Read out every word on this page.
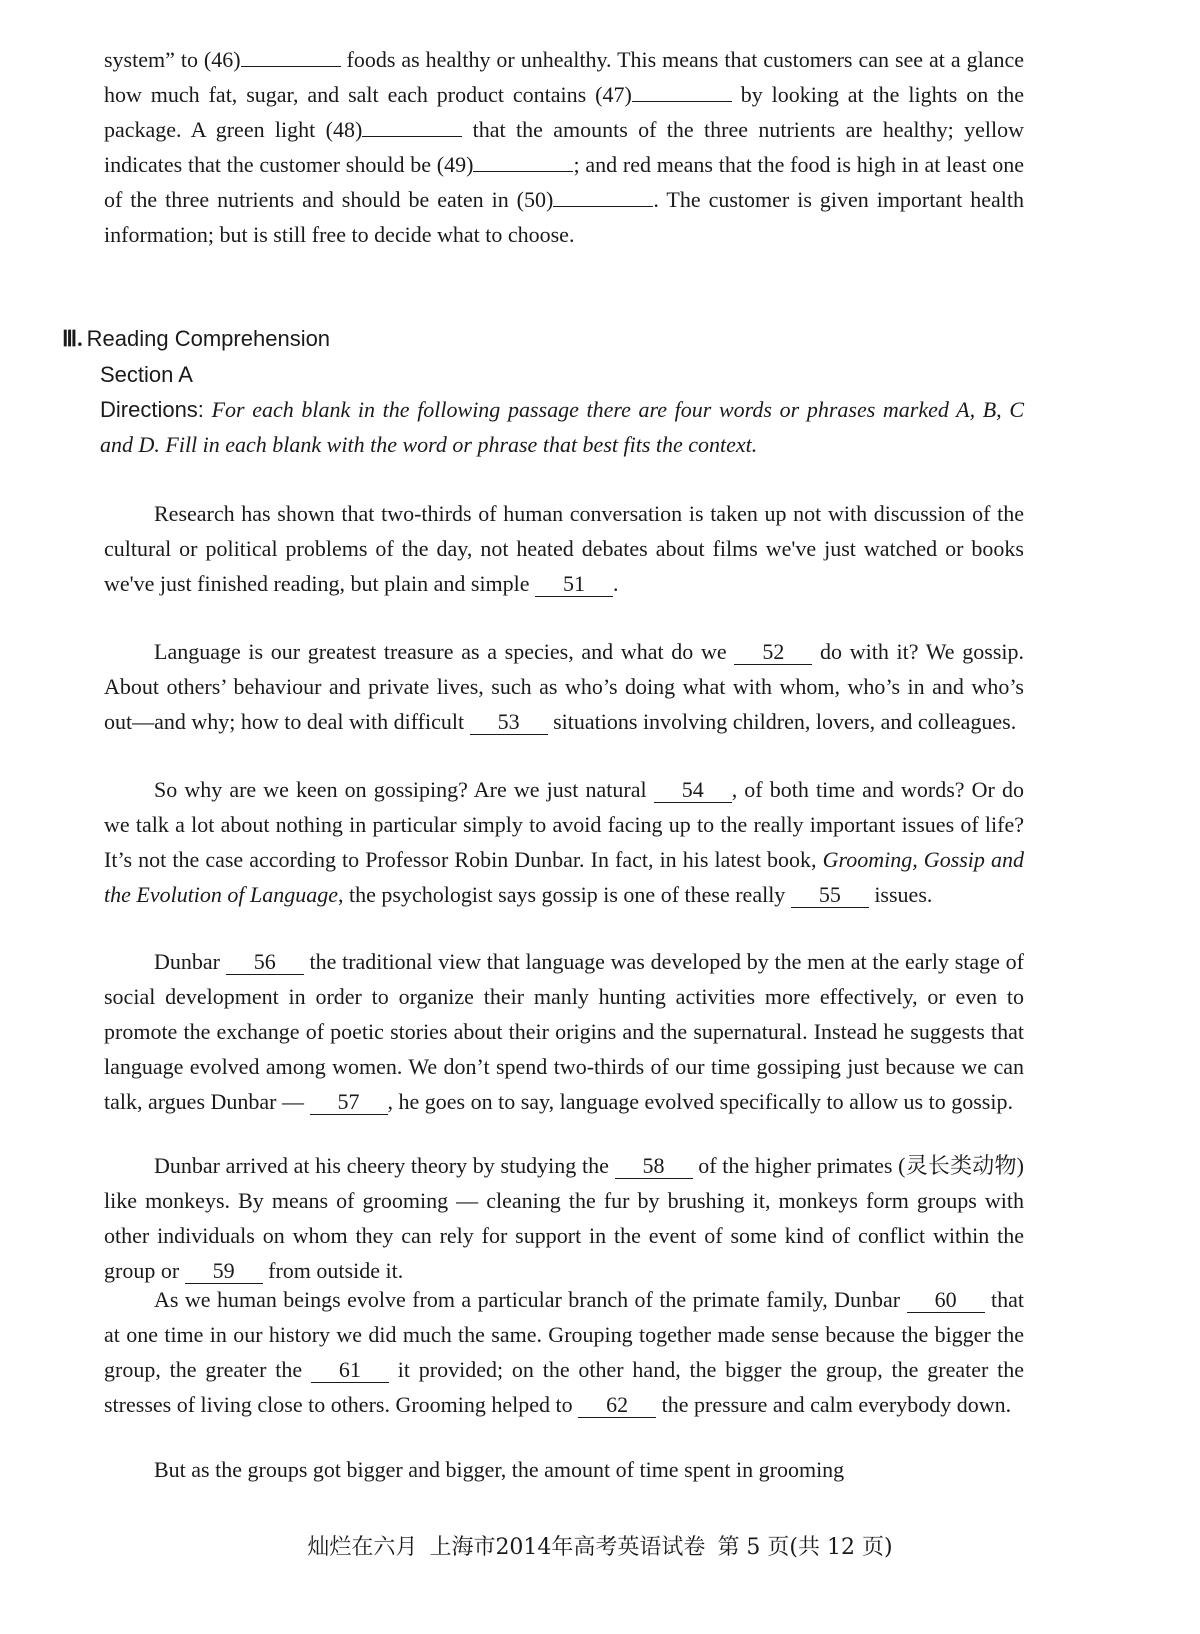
system” to (46)	foods as healthy or unhealthy. This means that customers can see at a glance how much fat, sugar, and salt each product contains (47)	by looking at the lights on the package. A green light (48)	that the amounts of the three nutrients are healthy; yellow indicates that the customer should be (49)	; and red means that the food is high in at least one of the three nutrients and should be eaten in (50)	. The customer is given important health information; but is still free to decide what to choose.

Ⅲ. Reading Comprehension
Section A

Directions: For each blank in the following passage there are four words or phrases marked A, B, C and D. Fill in each blank with the word or phrase that best fits the context.

Research has shown that two-thirds of human conversation is taken up not with discussion of the cultural or political problems of the day, not heated debates about films we've just watched or books we've just finished reading, but plain and simple 51 .

Language is our greatest treasure as a species, and what do we 52 do with it? We gossip. About others’ behaviour and private lives, such as who’s doing what with whom, who’s in and who’s out—and why; how to deal with difficult 53 situations involving children, lovers, and colleagues.

So why are we keen on gossiping? Are we just natural 54 , of both time and words? Or do we talk a lot about nothing in particular simply to avoid facing up to the really important issues of life? It’s not the case according to Professor Robin Dunbar. In fact, in his latest book, Grooming, Gossip and the Evolution of Language, the psychologist says gossip is one of these really 55 issues.

Dunbar 56 the traditional view that language was developed by the men at the early stage of social development in order to organize their manly hunting activities more effectively, or even to promote the exchange of poetic stories about their origins and the supernatural. Instead he suggests that language evolved among women. We don’t spend two-thirds of our time gossiping just because we can talk, argues Dunbar — 57 , he goes on to say, language evolved specifically to allow us to gossip.

Dunbar arrived at his cheery theory by studying the 58 of the higher primates (灵长类动物) like monkeys. By means of grooming — cleaning the fur by brushing it, monkeys form groups with other individuals on whom they can rely for support in the event of some kind of conflict within the group or 59 from outside it.

As we human beings evolve from a particular branch of the primate family, Dunbar 60 that at one time in our history we did much the same. Grouping together made sense because the bigger the group, the greater the 61 it provided; on the other hand, the bigger the group, the greater the stresses of living close to others. Grooming helped to 62 the pressure and calm everybody down.

But as the groups got bigger and bigger, the amount of time spent in grooming

灿烂在六月 上海市2014年高考英语试卷 第 5 页(共 12 页)
